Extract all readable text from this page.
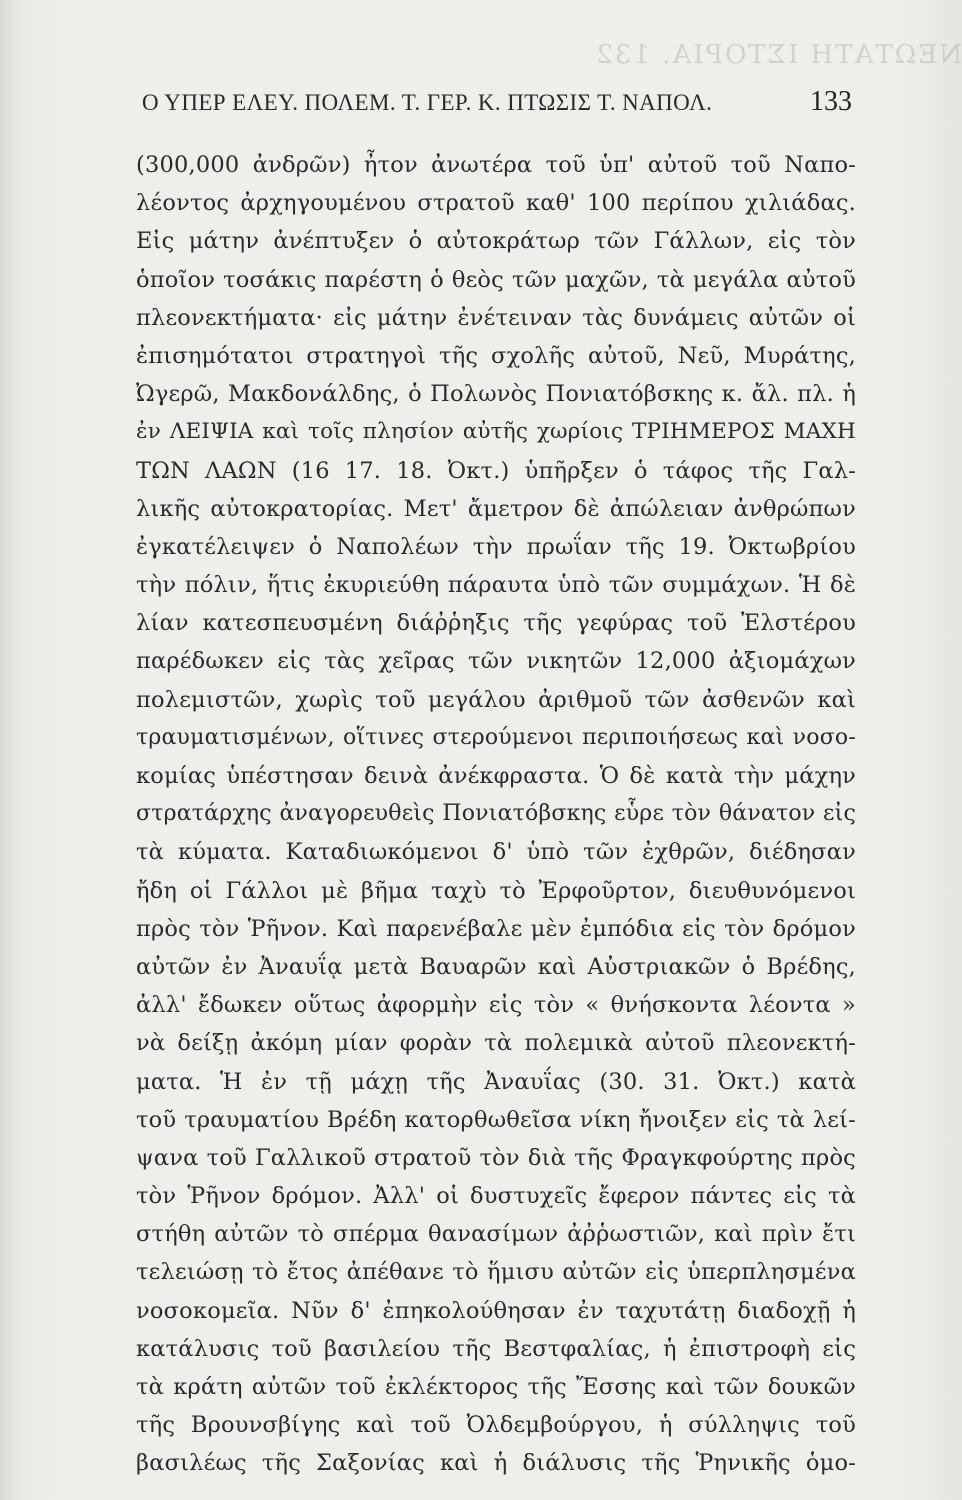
ΝΕΩΤΑΤΗ ΙΣΤΟΡΙΑ. 132
Ο ΥΠΕΡ ΕΛΕΥ. ΠΟΛΕΜ. Τ. ΓΕΡ. Κ. ΠΤΩΣΙΣ Τ. ΝΑΠΟΛ.	133
(300,000 ἀνδρῶν) ἦτον ἀνωτέρα τοῦ ὑπ' αὐτοῦ τοῦ Ναπο-
λέοντος ἀρχηγουμένου στρατοῦ καθ' 100 περίπου χιλιάδας.
Εἰς μάτην ἀνέπτυξεν ὁ αὐτοκράτωρ τῶν Γάλλων, εἰς τὸν
ὁποῖον τοσάκις παρέστη ὁ θεὸς τῶν μαχῶν, τὰ μεγάλα αὐτοῦ
πλεονεκτήματα· εἰς μάτην ἐνέτειναν τὰς δυνάμεις αὐτῶν οἱ
ἐπισημότατοι στρατηγοὶ τῆς σχολῆς αὐτοῦ, Νεῦ, Μυράτης,
Ὠγερῶ, Μακδονάλδης, ὁ Πολωνὸς Πονιατόβσκης κ. ἄλ. πλ. ἡ
ἐν ΛΕΙΨΙΑ καὶ τοῖς πλησίον αὐτῆς χωρίοις ΤΡΙΗΜΕΡΟΣ ΜΑΧΗ
ΤΩΝ ΛΑΩΝ (16 17. 18. Ὀκτ.) ὑπῆρξεν ὁ τάφος τῆς Γαλ-
λικῆς αὐτοκρατορίας. Μετ' ἄμετρον δὲ ἀπώλειαν ἀνθρώπων
ἐγκατέλειψεν ὁ Ναπολέων τὴν πρωΐαν τῆς 19. Ὀκτωβρίου
τὴν πόλιν, ἥτις ἐκυριεύθη πάραυτα ὑπὸ τῶν συμμάχων. Ἡ δὲ
λίαν κατεσπευσμένη διάῤῥηξις τῆς γεφύρας τοῦ Ἐλστέρου
παρέδωκεν εἰς τὰς χεῖρας τῶν νικητῶν 12,000 ἀξιομάχων
πολεμιστῶν, χωρὶς τοῦ μεγάλου ἀριθμοῦ τῶν ἀσθενῶν καὶ
τραυματισμένων, οἵτινες στερούμενοι περιποιήσεως καὶ νοσο-
κομίας ὑπέστησαν δεινὰ ἀνέκφραστα. Ὁ δὲ κατὰ τὴν μάχην
στρατάρχης ἀναγορευθεὶς Πονιατόβσκης εὗρε τὸν θάνατον εἰς
τὰ κύματα. Καταδιωκόμενοι δ' ὑπὸ τῶν ἐχθρῶν, διέδησαν
ἤδη οἱ Γάλλοι μὲ βῆμα ταχὺ τὸ Ἐρφοῦρτον, διευθυνόμενοι
πρὸς τὸν Ῥῆνον. Καὶ παρενέβαλε μὲν ἐμπόδια εἰς τὸν δρόμον
αὐτῶν ἐν Ἀναυΐᾳ μετὰ Βαυαρῶν καὶ Αὐστριακῶν ὁ Βρέδης,
ἀλλ' ἔδωκεν οὕτως ἀφορμὴν εἰς τὸν « θνήσκοντα λέοντα »
νὰ δείξῃ ἀκόμη μίαν φορὰν τὰ πολεμικὰ αὐτοῦ πλεονεκτή-
ματα. Ἡ ἐν τῇ μάχῃ τῆς Ἀναυΐας (30. 31. Ὀκτ.) κατὰ
τοῦ τραυματίου Βρέδη κατορθωθεῖσα νίκη ἤνοιξεν εἰς τὰ λεί-
ψανα τοῦ Γαλλικοῦ στρατοῦ τὸν διὰ τῆς Φραγκφούρτης πρὸς
τὸν Ῥῆνον δρόμον. Ἀλλ' οἱ δυστυχεῖς ἔφερον πάντες εἰς τὰ
στήθη αὐτῶν τὸ σπέρμα θανασίμων ἀῤῥωστιῶν, καὶ πρὶν ἔτι
τελειώσῃ τὸ ἔτος ἀπέθανε τὸ ἥμισυ αὐτῶν εἰς ὑπερπλησμένα
νοσοκομεῖα. Νῦν δ' ἐπηκολούθησαν ἐν ταχυτάτῃ διαδοχῇ ἡ
κατάλυσις τοῦ βασιλείου τῆς Βεστφαλίας, ἡ ἐπιστροφὴ εἰς
τὰ κράτη αὐτῶν τοῦ ἐκλέκτορος τῆς Ἔσσης καὶ τῶν δουκῶν
τῆς Βρουνσβίγης καὶ τοῦ Ὀλδεμβούργου, ἡ σύλληψις τοῦ
βασιλέως τῆς Σαξονίας καὶ ἡ διάλυσις τῆς Ῥηνικῆς ὁμο-
